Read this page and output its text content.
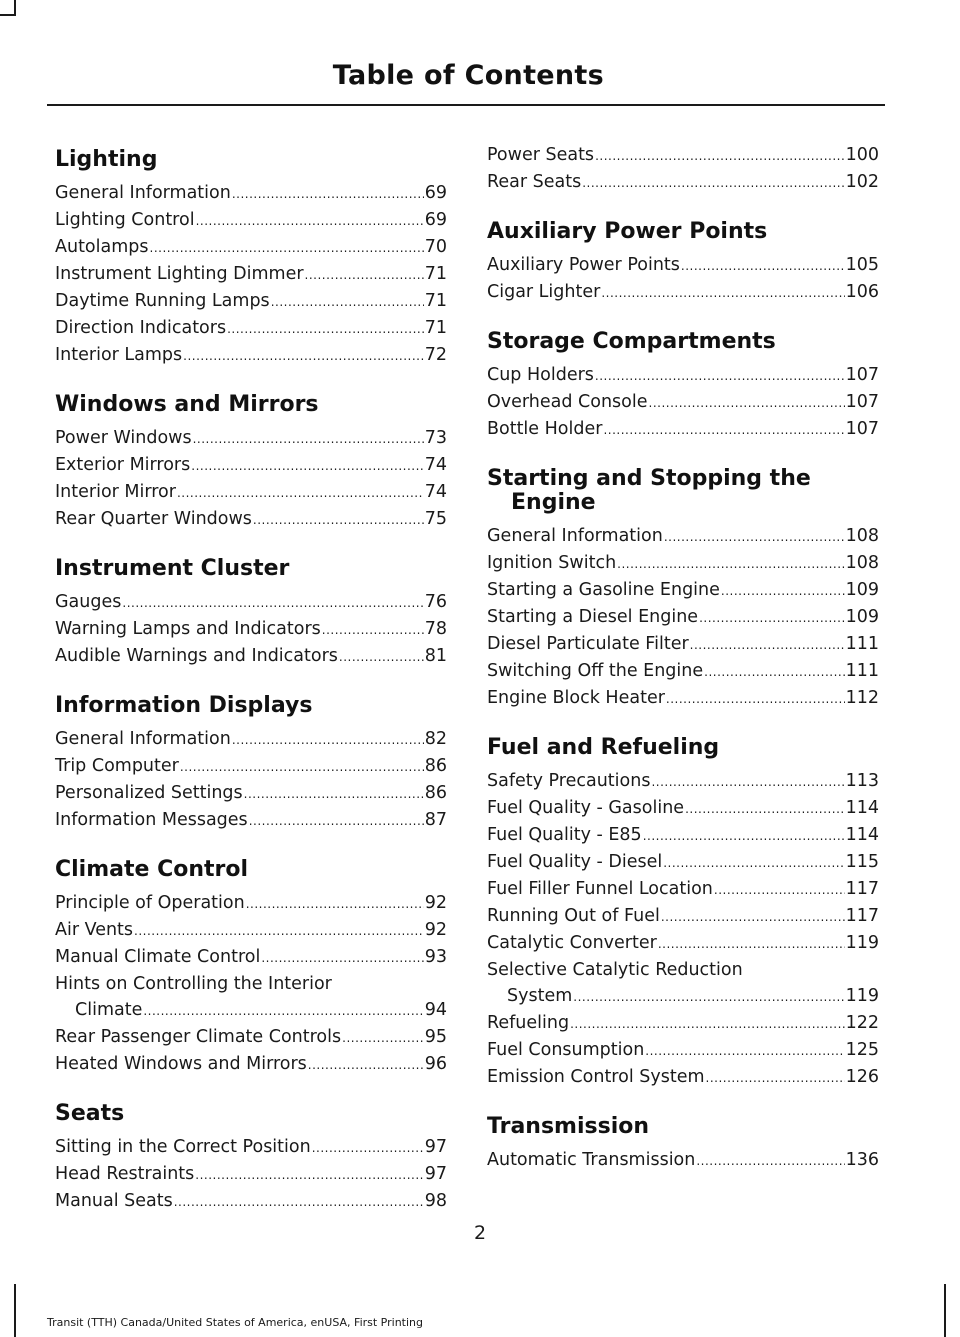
Table of Contents
Lighting
General Information .....	69
Lighting Control .....	69
Autolamps .....	70
Instrument Lighting Dimmer .....	71
Daytime Running Lamps .....	71
Direction Indicators .....	71
Interior Lamps .....	72
Windows and Mirrors
Power Windows .....	73
Exterior Mirrors .....	74
Interior Mirror .....	74
Rear Quarter Windows .....	75
Instrument Cluster
Gauges .....	76
Warning Lamps and Indicators .....	78
Audible Warnings and Indicators .....	81
Information Displays
General Information .....	82
Trip Computer .....	86
Personalized Settings .....	86
Information Messages .....	87
Climate Control
Principle of Operation .....	92
Air Vents .....	92
Manual Climate Control .....	93
Hints on Controlling the Interior
Climate .....	94
Rear Passenger Climate Controls .....	95
Heated Windows and Mirrors .....	96
Seats
Sitting in the Correct Position .....	97
Head Restraints .....	97
Manual Seats .....	98
Power Seats .....	100
Rear Seats .....	102
Auxiliary Power Points
Auxiliary Power Points .....	105
Cigar Lighter .....	106
Storage Compartments
Cup Holders .....	107
Overhead Console .....	107
Bottle Holder .....	107
Starting and Stopping the
Engine
General Information .....	108
Ignition Switch .....	108
Starting a Gasoline Engine .....	109
Starting a Diesel Engine .....	109
Diesel Particulate Filter .....	111
Switching Off the Engine .....	111
Engine Block Heater .....	112
Fuel and Refueling
Safety Precautions .....	113
Fuel Quality - Gasoline .....	114
Fuel Quality - E85 .....	114
Fuel Quality - Diesel .....	115
Fuel Filler Funnel Location .....	117
Running Out of Fuel .....	117
Catalytic Converter .....	119
Selective Catalytic Reduction
System .....	119
Refueling .....	122
Fuel Consumption .....	125
Emission Control System .....	126
Transmission
Automatic Transmission .....	136
2
Transit (TTH) Canada/United States of America, enUSA, First Printing
